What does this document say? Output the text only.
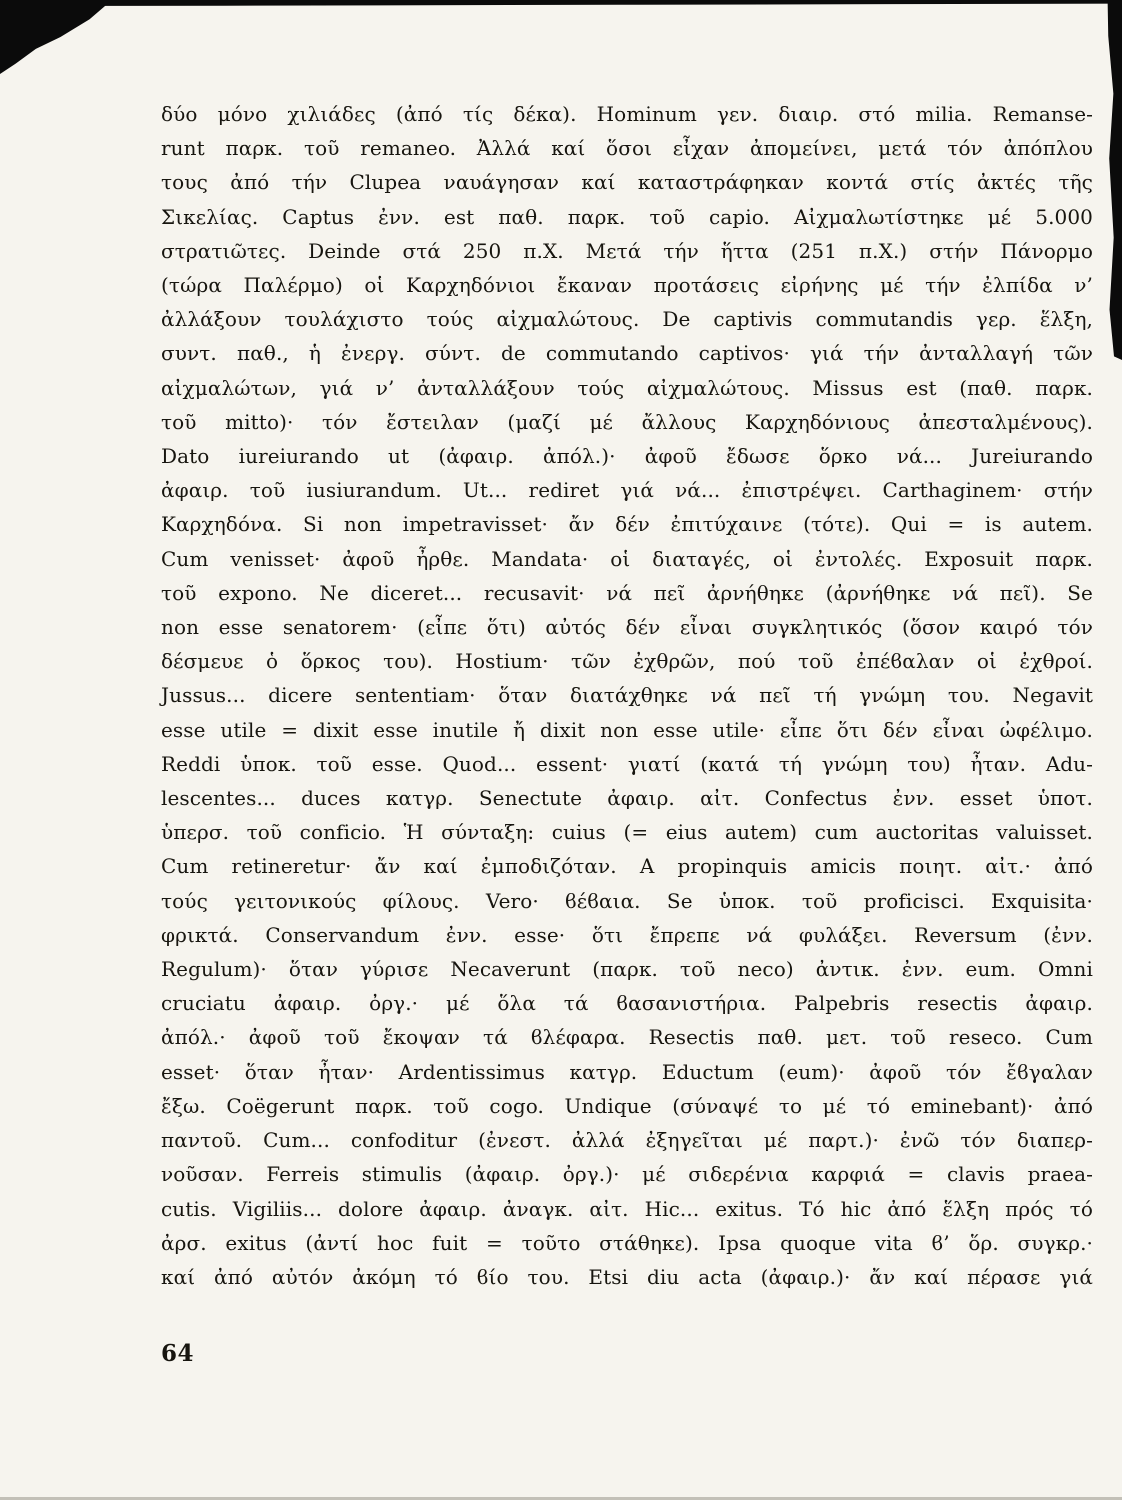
δύο μόνο χιλιάδες (ἀπό τίς δέκα). Hominum γεν. διαιρ. στό milia. Remanse-
runt παρκ. τοῦ remaneo. Ἀλλά καί ὅσοι εἶχαν ἀπομείνει, μετά τόν ἀπόπλου
τους ἀπό τήν Clupea ναυάγησαν καί καταστράφηκαν κοντά στίς ἀκτές τῆς
Σικελίας. Captus ἐνν. est παθ. παρκ. τοῦ capio. Αἰχμαλωτίστηκε μέ 5.000
στρατιῶτες. Deinde στά 250 π.Χ. Μετά τήν ἥττα (251 π.Χ.) στήν Πάνορμο
(τώρα Παλέρμο) οἱ Καρχηδόνιοι ἔκαναν προτάσεις εἰρήνης μέ τήν ἐλπίδα ν’
ἀλλάξουν τουλάχιστο τούς αἰχμαλώτους. De captivis commutandis γερ. ἕλξη,
συντ. παθ., ἡ ἐνεργ. σύντ. de commutando captivos· γιά τήν ἀνταλλαγή τῶν
αἰχμαλώτων, γιά ν’ ἀνταλλάξουν τούς αἰχμαλώτους. Missus est (παθ. παρκ.
τοῦ mitto)· τόν ἔστειλαν (μαζί μέ ἄλλους Καρχηδόνιους ἀπεσταλμένους).
Dato iureiurando ut (ἀφαιρ. ἀπόλ.)· ἀφοῦ ἔδωσε ὅρκο νά... Jureiurando
ἀφαιρ. τοῦ iusiurandum. Ut... rediret γιά νά... ἐπιστρέψει. Carthaginem· στήν
Καρχηδόνα. Si non impetravisset· ἄν δέν ἐπιτύχαινε (τότε). Qui = is autem.
Cum venisset· ἀφοῦ ἦρθε. Mandata· οἱ διαταγές, οἱ ἐντολές. Exposuit παρκ.
τοῦ expono. Ne diceret... recusavit· νά πεῖ ἀρνήθηκε (ἀρνήθηκε νά πεῖ). Se
non esse senatorem· (εἶπε ὅτι) αὐτός δέν εἶναι συγκλητικός (ὅσον καιρό τόν
δέσμευε ὁ ὅρκος του). Hostium· τῶν ἐχθρῶν, πού τοῦ ἐπέϐαλαν οἱ ἐχθροί.
Jussus... dicere sententiam· ὅταν διατάχθηκε νά πεῖ τή γνώμη του. Negavit
esse utile = dixit esse inutile ἤ dixit non esse utile· εἶπε ὅτι δέν εἶναι ὠφέλιμο.
Reddi ὑποκ. τοῦ esse. Quod... essent· γιατί (κατά τή γνώμη του) ἦταν. Adu-
lescentes... duces κατγρ. Senectute ἀφαιρ. αἰτ. Confectus ἐνν. esset ὑποτ.
ὑπερσ. τοῦ conficio. Ἡ σύνταξη: cuius (= eius autem) cum auctoritas valuisset.
Cum retineretur· ἄν καί ἐμποδιζόταν. A propinquis amicis ποιητ. αἰτ.· ἀπό
τούς γειτονικούς φίλους. Vero· ϐέϐαια. Se ὑποκ. τοῦ proficisci. Exquisita·
φρικτά. Conservandum ἐνν. esse· ὅτι ἔπρεπε νά φυλάξει. Reversum (ἐνν.
Regulum)· ὅταν γύρισε Necaverunt (παρκ. τοῦ neco) ἀντικ. ἐνν. eum. Omni
cruciatu ἀφαιρ. ὀργ.· μέ ὅλα τά ϐασανιστήρια. Palpebris resectis ἀφαιρ.
ἀπόλ.· ἀφοῦ τοῦ ἔκοψαν τά ϐλέφαρα. Resectis παθ. μετ. τοῦ reseco. Cum
esset· ὅταν ἦταν· Ardentissimus κατγρ. Eductum (eum)· ἀφοῦ τόν ἔϐγαλαν
ἔξω. Coëgerunt παρκ. τοῦ cogo. Undique (σύναψέ το μέ τό eminebant)· ἀπό
παντοῦ. Cum... confoditur (ἐνεστ. ἀλλά ἐξηγεῖται μέ παρτ.)· ἐνῶ τόν διαπερ-
νοῦσαν. Ferreis stimulis (ἀφαιρ. ὀργ.)· μέ σιδερένια καρφιά = clavis praea-
cutis. Vigiliis... dolore ἀφαιρ. ἀναγκ. αἰτ. Hic... exitus. Τό hic ἀπό ἕλξη πρός τό
ἀρσ. exitus (ἀντί hoc fuit = τοῦτο στάθηκε). Ipsa quoque vita ϐ’ ὅρ. συγκρ.·
καί ἀπό αὐτόν ἀκόμη τό ϐίο του. Etsi diu acta (ἀφαιρ.)· ἄν καί πέρασε γιά
64
